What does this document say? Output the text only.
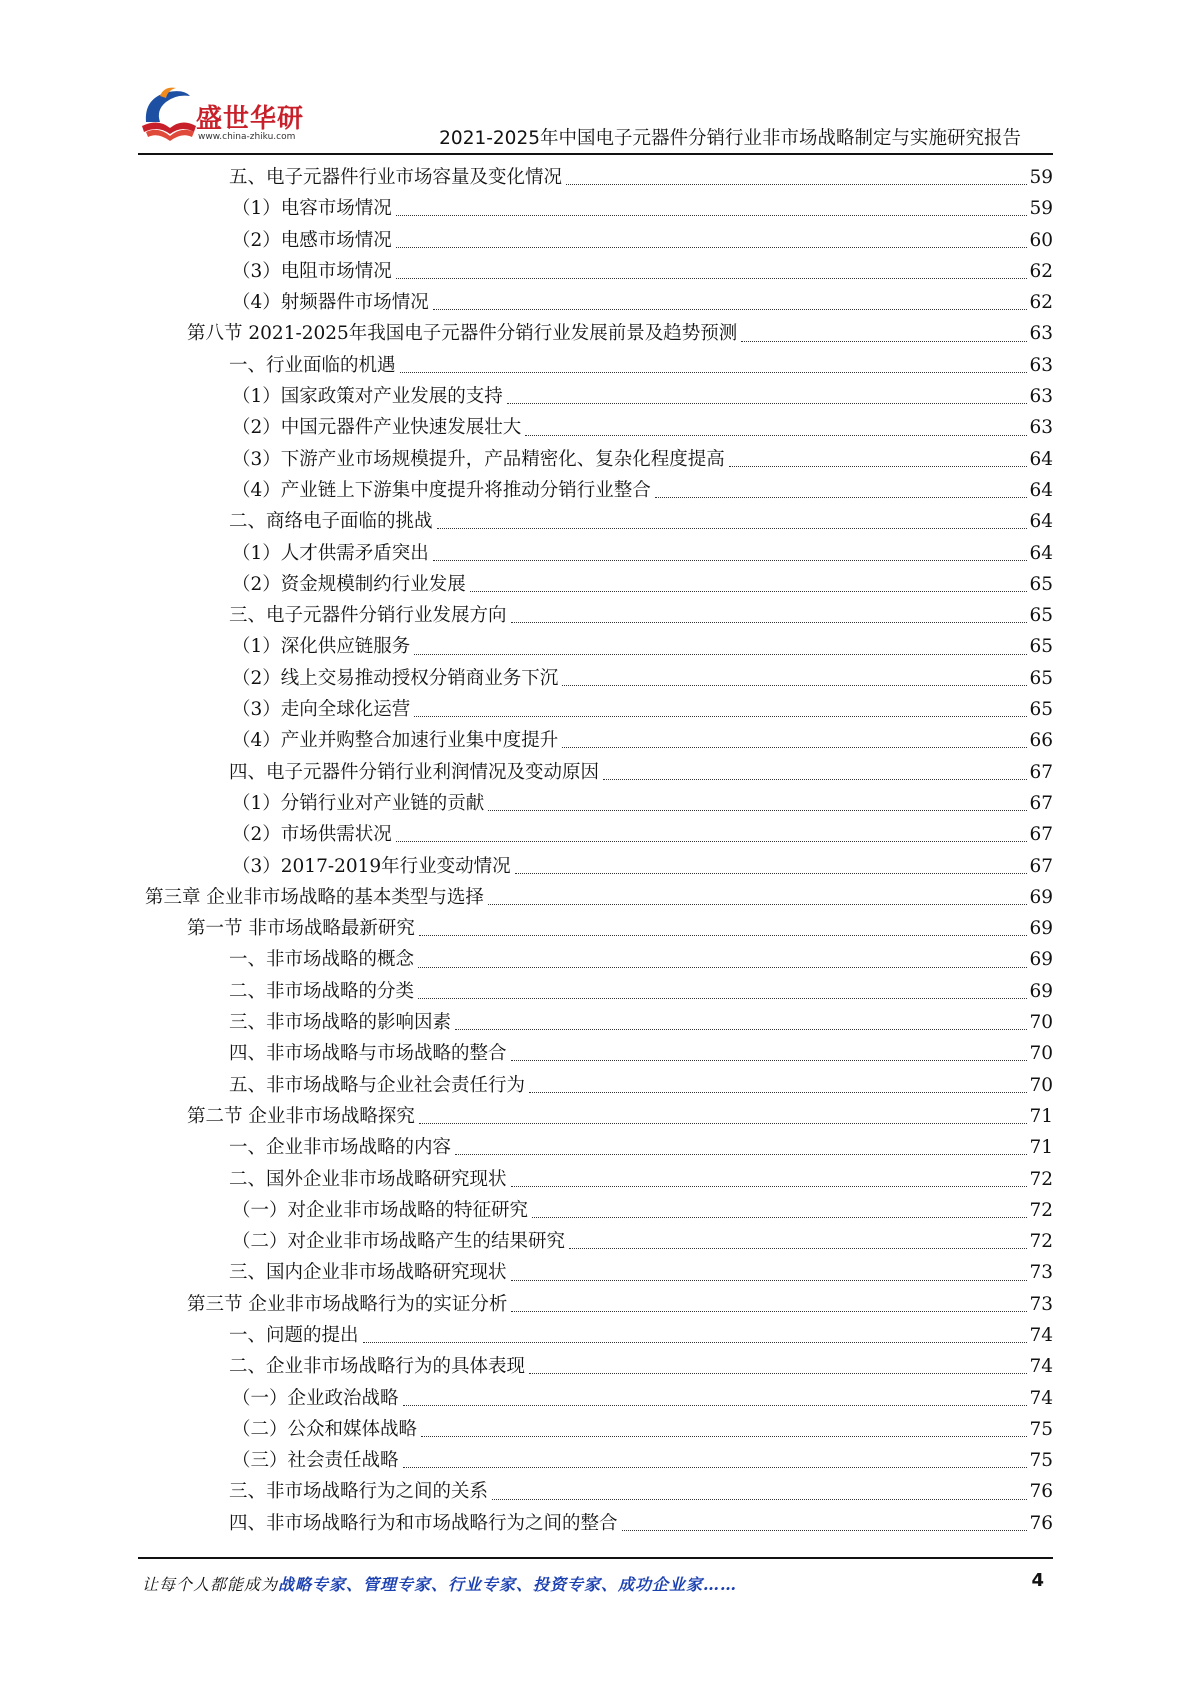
盛世华研
www.china-zhiku.com	2021-2025年中国电子元器件分销行业非市场战略制定与实施研究报告
五、电子元器件行业市场容量及变化情况	59
（1）电容市场情况	59
（2）电感市场情况	60
（3）电阻市场情况	62
（4）射频器件市场情况	62
第八节 2021-2025年我国电子元器件分销行业发展前景及趋势预测	63
一、行业面临的机遇	63
（1）国家政策对产业发展的支持	63
（2）中国元器件产业快速发展壮大	63
（3）下游产业市场规模提升，产品精密化、复杂化程度提高	64
（4）产业链上下游集中度提升将推动分销行业整合	64
二、商络电子面临的挑战	64
（1）人才供需矛盾突出	64
（2）资金规模制约行业发展	65
三、电子元器件分销行业发展方向	65
（1）深化供应链服务	65
（2）线上交易推动授权分销商业务下沉	65
（3）走向全球化运营	65
（4）产业并购整合加速行业集中度提升	66
四、电子元器件分销行业利润情况及变动原因	67
（1）分销行业对产业链的贡献	67
（2）市场供需状况	67
（3）2017-2019年行业变动情况	67
第三章 企业非市场战略的基本类型与选择	69
第一节 非市场战略最新研究	69
一、非市场战略的概念	69
二、非市场战略的分类	69
三、非市场战略的影响因素	70
四、非市场战略与市场战略的整合	70
五、非市场战略与企业社会责任行为	70
第二节 企业非市场战略探究	71
一、企业非市场战略的内容	71
二、国外企业非市场战略研究现状	72
（一）对企业非市场战略的特征研究	72
（二）对企业非市场战略产生的结果研究	72
三、国内企业非市场战略研究现状	73
第三节 企业非市场战略行为的实证分析	73
一、问题的提出	74
二、企业非市场战略行为的具体表现	74
（一）企业政治战略	74
（二）公众和媒体战略	75
（三）社会责任战略	75
三、非市场战略行为之间的关系	76
四、非市场战略行为和市场战略行为之间的整合	76
让每个人都能成为战略专家、管理专家、行业专家、投资专家、成功企业家……	4
